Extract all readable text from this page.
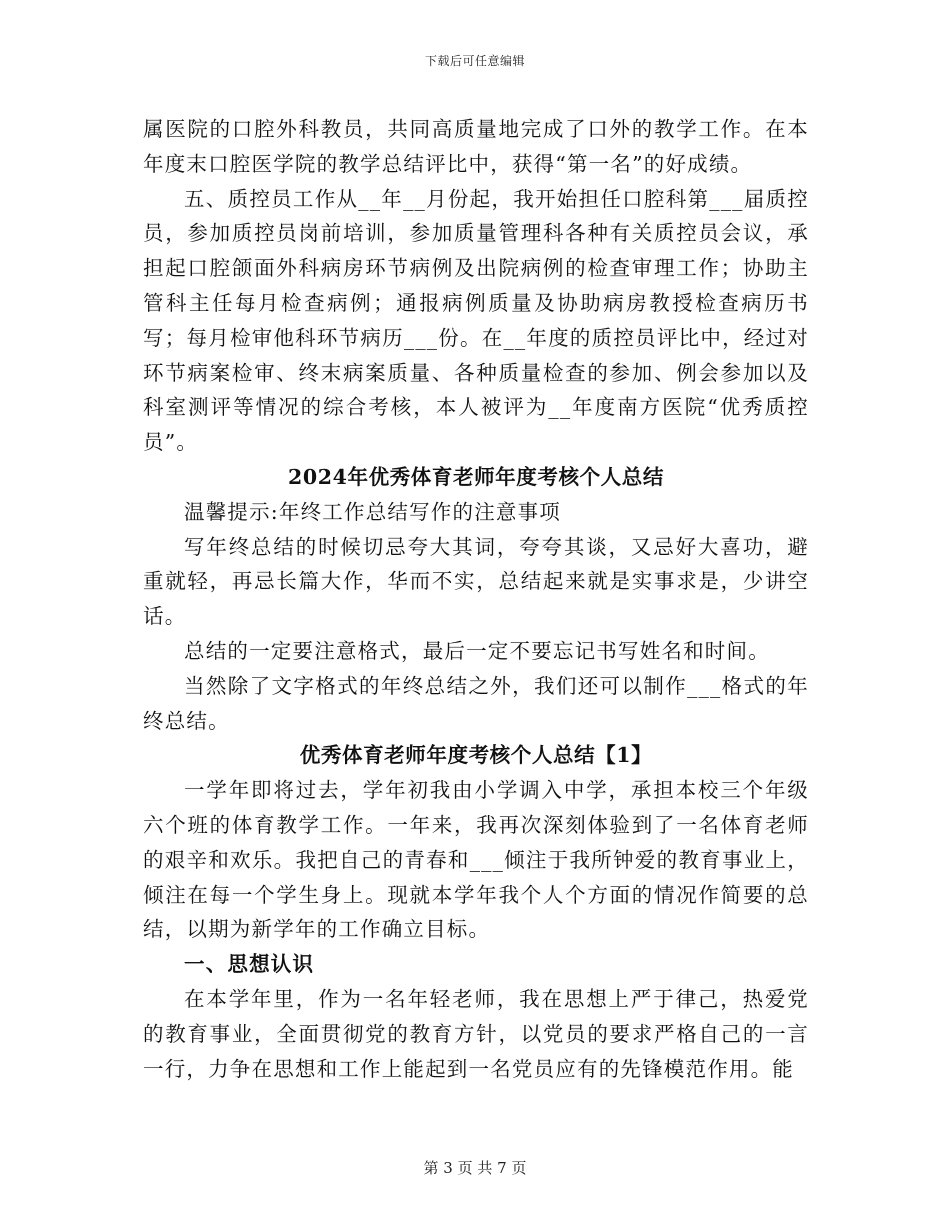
下载后可任意编辑

属医院的口腔外科教员，共同高质量地完成了口外的教学工作。在本年度末口腔医学院的教学总结评比中，获得“第一名”的好成绩。

五、质控员工作从__年__月份起，我开始担任口腔科第___届质控员，参加质控员岗前培训，参加质量管理科各种有关质控员会议，承担起口腔颌面外科病房环节病例及出院病例的检查审理工作；协助主管科主任每月检查病例；通报病例质量及协助病房教授检查病历书写；每月检审他科环节病历___份。在__年度的质控员评比中，经过对环节病案检审、终末病案质量、各种质量检查的参加、例会参加以及科室测评等情况的综合考核，本人被评为__年度南方医院“优秀质控员”。

2024年优秀体育老师年度考核个人总结

温馨提示:年终工作总结写作的注意事项

写年终总结的时候切忌夸大其词，夸夸其谈，又忌好大喜功，避重就轻，再忌长篇大作，华而不实，总结起来就是实事求是，少讲空话。

总结的一定要注意格式，最后一定不要忘记书写姓名和时间。

当然除了文字格式的年终总结之外，我们还可以制作___格式的年终总结。

优秀体育老师年度考核个人总结【1】

一学年即将过去，学年初我由小学调入中学，承担本校三个年级六个班的体育教学工作。一年来，我再次深刻体验到了一名体育老师的艰辛和欢乐。我把自己的青春和___倾注于我所钟爱的教育事业上，倾注在每一个学生身上。现就本学年我个人个方面的情况作简要的总结，以期为新学年的工作确立目标。

一、思想认识

在本学年里，作为一名年轻老师，我在思想上严于律己，热爱党的教育事业，全面贯彻党的教育方针，以党员的要求严格自己的一言一行，力争在思想和工作上能起到一名党员应有的先锋模范作用。能

第 3 页 共 7 页
